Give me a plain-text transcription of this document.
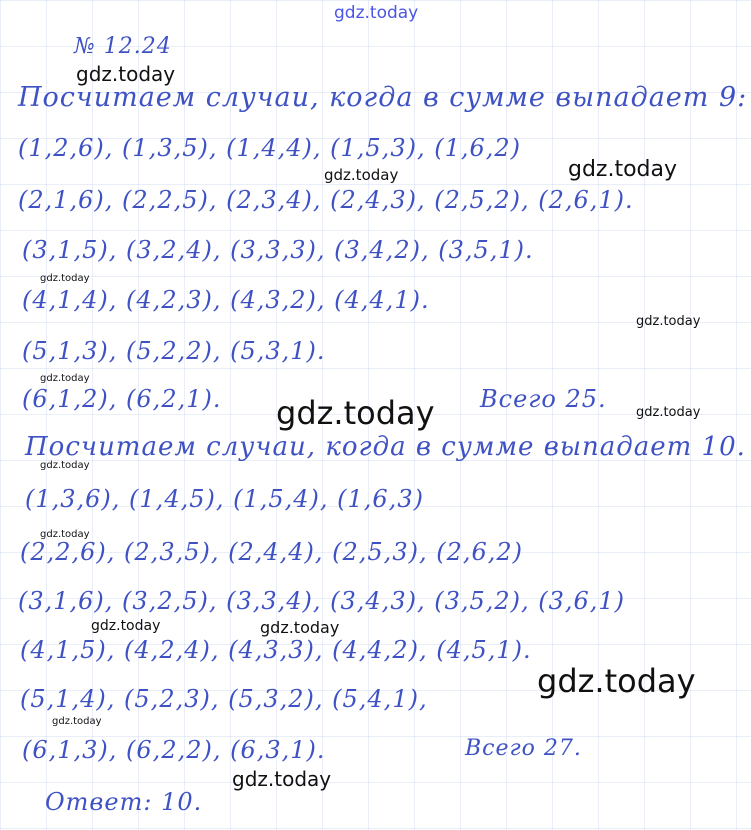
gdz.today
№ 12.24
Посчитаем случаи, когда в сумме выпадает 9:
(1,2,6), (1,3,5), (1,4,4), (1,5,3), (1,6,2)
(2,1,6), (2,2,5), (2,3,4), (2,4,3), (2,5,2), (2,6,1).
(3,1,5), (3,2,4), (3,3,3), (3,4,2), (3,5,1).
(4,1,4), (4,2,3), (4,3,2), (4,4,1).
(5,1,3), (5,2,2), (5,3,1).
(6,1,2), (6,2,1).	Всего 25.
Посчитаем случаи, когда в сумме выпадает 10.
(1,3,6), (1,4,5), (1,5,4), (1,6,3)
(2,2,6), (2,3,5), (2,4,4), (2,5,3), (2,6,2)
(3,1,6), (3,2,5), (3,3,4), (3,4,3), (3,5,2), (3,6,1)
(4,1,5), (4,2,4), (4,3,3), (4,4,2), (4,5,1).
(5,1,4), (5,2,3), (5,3,2), (5,4,1),
(6,1,3), (6,2,2), (6,3,1).	Всего 27.
Ответ: 10.
gdz.today
gdz.today	gdz.today
gdz.today
gdz.today
gdz.today
gdz.today	gdz.today
gdz.today
gdz.today
gdz.today	gdz.today
gdz.today
gdz.today
gdz.today
